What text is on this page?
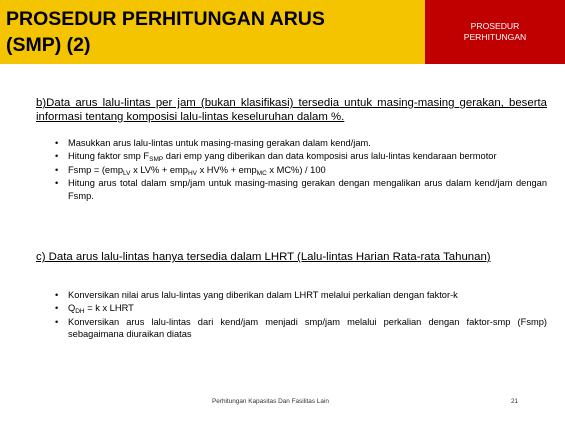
PROSEDUR PERHITUNGAN ARUS
(SMP) (2)
PROSEDUR
PERHITUNGAN
b)Data arus lalu-lintas per jam (bukan klasifikasi) tersedia untuk masing-masing gerakan, beserta informasi tentang komposisi lalu-lintas keseluruhan dalam %.
• Masukkan arus lalu-lintas untuk masing-masing gerakan dalam kend/jam.
• Hitung faktor smp $F_{SMP}$ dari emp yang diberikan dan data komposisi arus lalu-lintas kendaraan bermotor
• Fsmp = (emp$_{LV}$ x LV% + emp$_{HV}$ x HV% + emp$_{MC}$ x MC%) / 100
• Hitung arus total dalam smp/jam untuk masing-masing gerakan dengan mengalikan arus dalam kend/jam dengan Fsmp.
c) Data arus lalu-lintas hanya tersedia dalam LHRT (Lalu-lintas Harian Rata-rata Tahunan)
• Konversikan nilai arus lalu-lintas yang diberikan dalam LHRT melalui perkalian dengan faktor-k
• $Q_{DH} = k$ x LHRT
• Konversikan arus lalu-lintas dari kend/jam menjadi smp/jam melalui perkalian dengan faktor-smp (Fsmp) sebagaimana diuraikan diatas
Perhitungan Kapasitas Dan Fasilitas Lain	21
